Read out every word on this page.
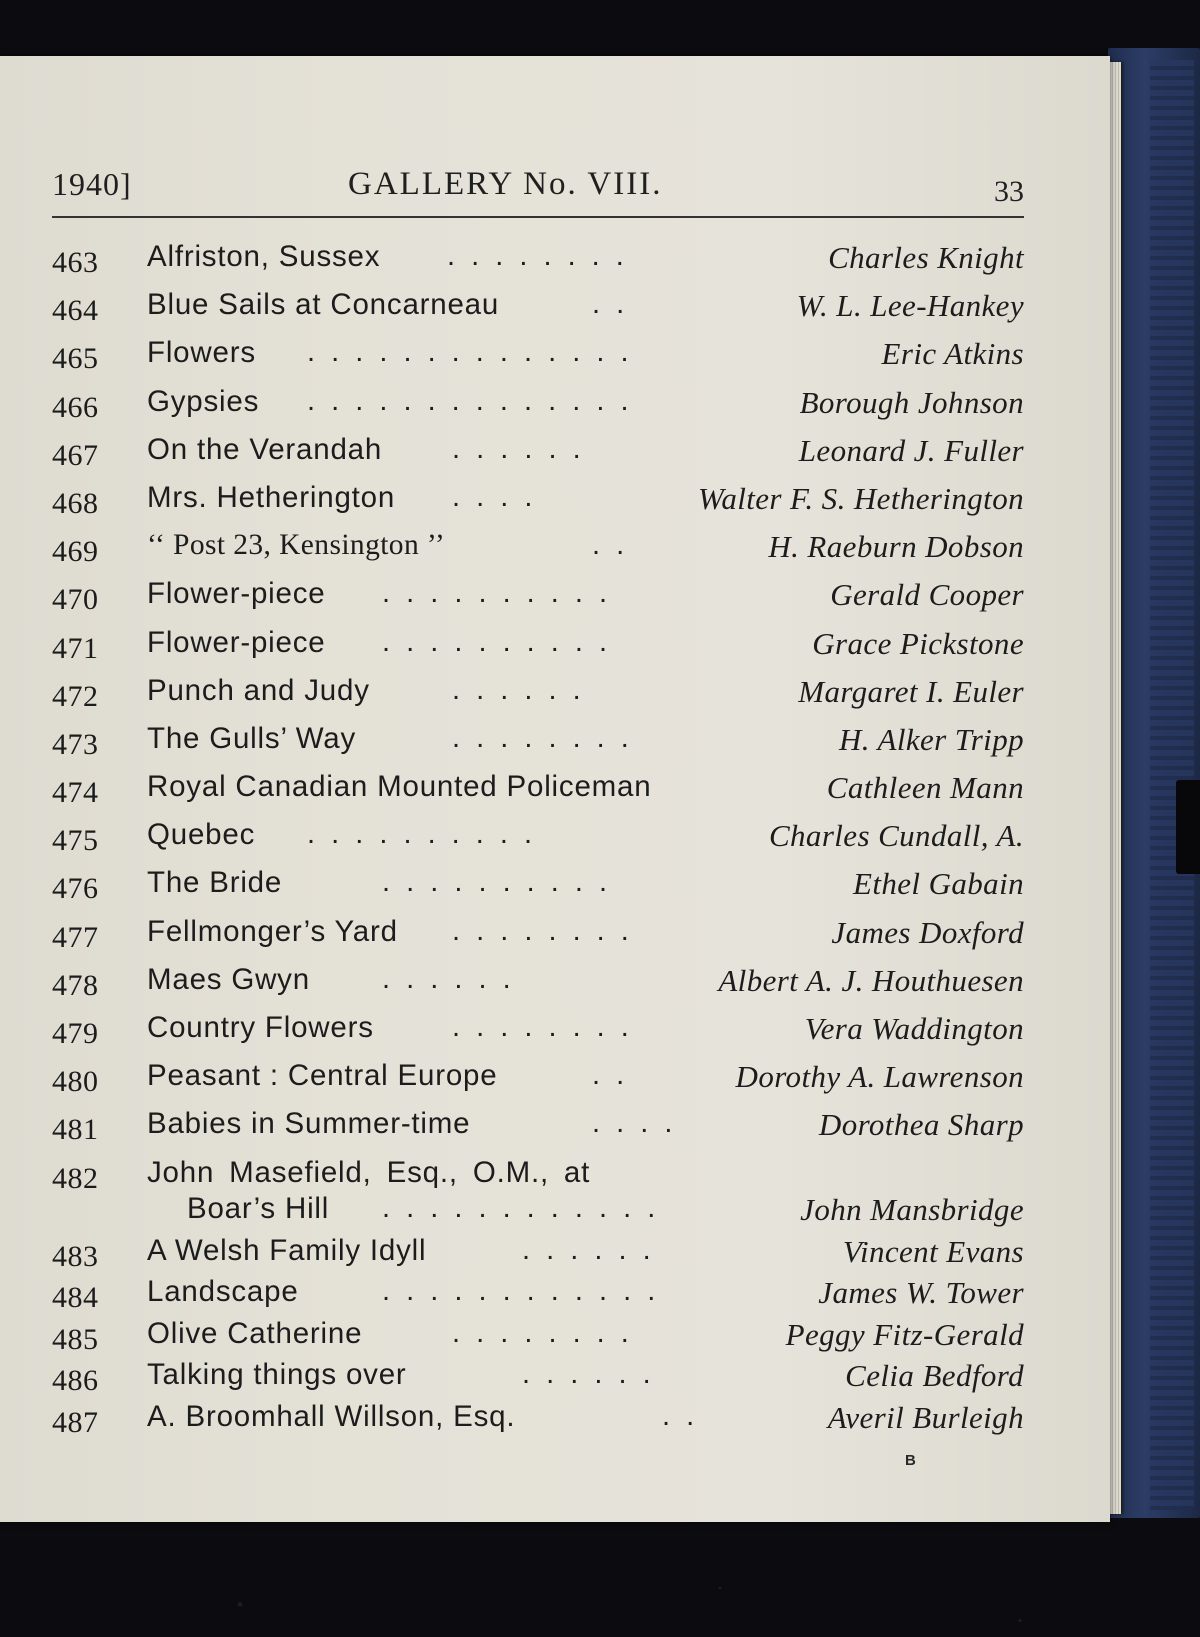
1940]	GALLERY No. VIII.	33
463	Alfriston, Sussex . . . . . . . .	Charles Knight
464	Blue Sails at Concarneau	. .	W. L. Lee-Hankey
465	Flowers . . . . . . . . . . . . . .	Eric Atkins
466	Gypsies . . . . . . . . . . . . . .	Borough Johnson
467	On the Verandah . . . . . .	Leonard J. Fuller
468	Mrs. Hetherington . . . .	Walter F. S. Hetherington
469	‘‘ Post 23, Kensington ’’	. .	H. Raeburn Dobson
470	Flower-piece . . . . . . . . . .	Gerald Cooper
471	Flower-piece . . . . . . . . . .	Grace Pickstone
472	Punch and Judy	. . . . . .	Margaret I. Euler
473	The Gulls’ Way	. . . . . . . .	H. Alker Tripp
474	Royal Canadian Mounted Policeman	Cathleen Mann
475	Quebec . . . . . . . . . .	Charles Cundall, A.
476	The Bride	. . . . . . . . . .	Ethel Gabain
477	Fellmonger’s Yard . . . . . . . .	James Doxford
478	Maes Gwyn . . . . . .	Albert A. J. Houthuesen
479	Country Flowers	. . . . . . . .	Vera Waddington
480	Peasant : Central Europe	. .	Dorothy A. Lawrenson
481	Babies in Summer-time	. . . .	Dorothea Sharp
482	John Masefield, Esq., O.M., at
Boar’s Hill . . . . . . . . . . . .	John Mansbridge
483	A Welsh Family Idyll	. . . . . .	Vincent Evans
484	Landscape	. . . . . . . . . . . .	James W. Tower
485	Olive Catherine	. . . . . . . .	Peggy Fitz-Gerald
486	Talking things over	. . . . . .	Celia Bedford
487	A. Broomhall Willson, Esq.	. .	Averil Burleigh
B
